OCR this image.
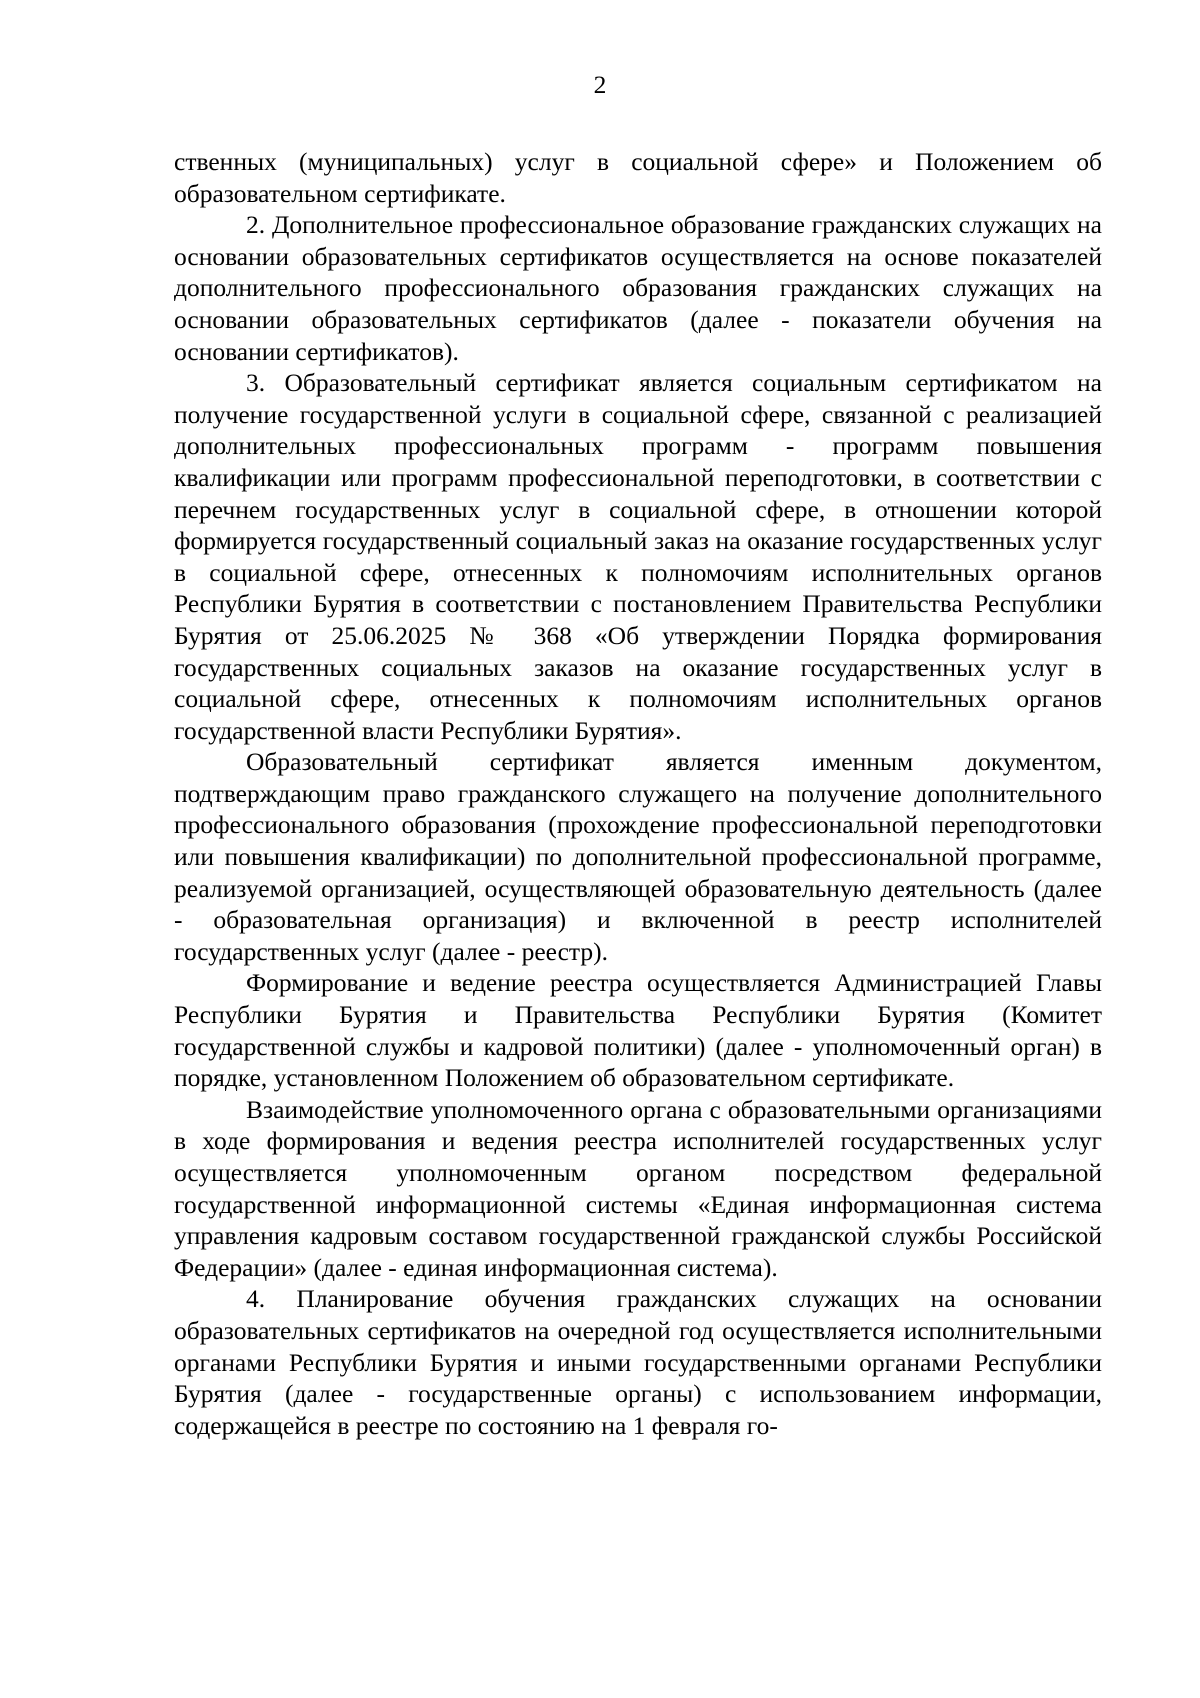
2

ственных (муниципальных) услуг в социальной сфере» и Положением об образовательном сертификате.

2. Дополнительное профессиональное образование гражданских служащих на основании образовательных сертификатов осуществляется на основе показателей дополнительного профессионального образования гражданских служащих на основании образовательных сертификатов (далее - показатели обучения на основании сертификатов).

3. Образовательный сертификат является социальным сертификатом на получение государственной услуги в социальной сфере, связанной с реализацией дополнительных профессиональных программ - программ повышения квалификации или программ профессиональной переподготовки, в соответствии с перечнем государственных услуг в социальной сфере, в отношении которой формируется государственный социальный заказ на оказание государственных услуг в социальной сфере, отнесенных к полномочиям исполнительных органов Республики Бурятия в соответствии с постановлением Правительства Республики Бурятия от 25.06.2025 № 368 «Об утверждении Порядка формирования государственных социальных заказов на оказание государственных услуг в социальной сфере, отнесенных к полномочиям исполнительных органов государственной власти Республики Бурятия».

Образовательный сертификат является именным документом, подтверждающим право гражданского служащего на получение дополнительного профессионального образования (прохождение профессиональной переподготовки или повышения квалификации) по дополнительной профессиональной программе, реализуемой организацией, осуществляющей образовательную деятельность (далее - образовательная организация) и включенной в реестр исполнителей государственных услуг (далее - реестр).

Формирование и ведение реестра осуществляется Администрацией Главы Республики Бурятия и Правительства Республики Бурятия (Комитет государственной службы и кадровой политики) (далее - уполномоченный орган) в порядке, установленном Положением об образовательном сертификате.

Взаимодействие уполномоченного органа с образовательными организациями в ходе формирования и ведения реестра исполнителей государственных услуг осуществляется уполномоченным органом посредством федеральной государственной информационной системы «Единая информационная система управления кадровым составом государственной гражданской службы Российской Федерации» (далее - единая информационная система).

4. Планирование обучения гражданских служащих на основании образовательных сертификатов на очередной год осуществляется исполнительными органами Республики Бурятия и иными государственными органами Республики Бурятия (далее - государственные органы) с использованием информации, содержащейся в реестре по состоянию на 1 февраля го-
